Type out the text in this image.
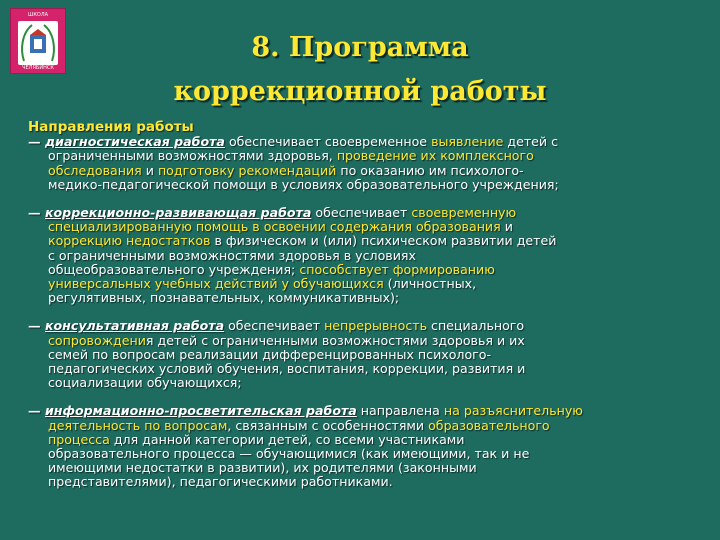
ШКОЛА
ЧЕЛЯБИНСК
8. Программа
коррекционной работы
Направления работы
— диагностическая работа обеспечивает своевременное выявление детей с
ограниченными возможностями здоровья, проведение их комплексного
обследования и подготовку рекомендаций по оказанию им психолого-
медико-педагогической помощи в условиях образовательного учреждения;
— коррекционно-развивающая работа обеспечивает своевременную
специализированную помощь в освоении содержания образования и
коррекцию недостатков в физическом и (или) психическом развитии детей
с ограниченными возможностями здоровья в условиях
общеобразовательного учреждения; способствует формированию
универсальных учебных действий у обучающихся (личностных,
регулятивных, познавательных, коммуникативных);
— консультативная работа обеспечивает непрерывность специального
сопровождения детей с ограниченными возможностями здоровья и их
семей по вопросам реализации дифференцированных психолого-
педагогических условий обучения, воспитания, коррекции, развития и
социализации обучающихся;
— информационно-просветительская работа направлена на разъяснительную
деятельность по вопросам, связанным с особенностями образовательного
процесса для данной категории детей, со всеми участниками
образовательного процесса — обучающимися (как имеющими, так и не
имеющими недостатки в развитии), их родителями (законными
представителями), педагогическими работниками.
